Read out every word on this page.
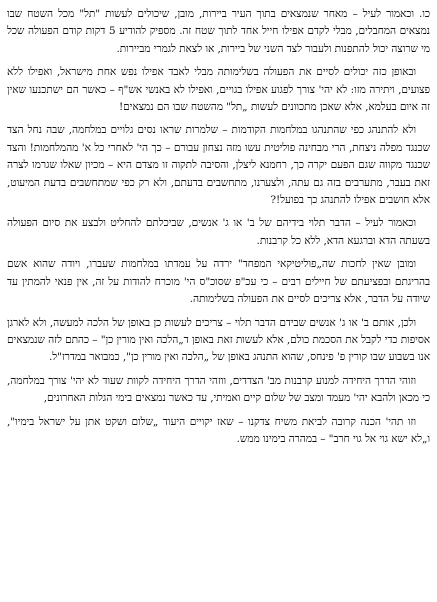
כו. וכאמור לעיל – מאחר שנמצאים בתוך העיר ביירות, מובן, שיכולים לעשות "תל" מכל השטח שבו נמצאים המחבלים, מבלי לקדם אפילו חייל אחד לתוך שטח זה. מספיק להודיע 5 דקות קודם הפעולה שכל מי שרוצה יכול להתפנות ולעבור לצד השני של ביירות, או לצאת לגמרי מביירות.

ובאופן כזה יכולים לסיים את הפעולה בשלימותה מבלי לאבד אפילו נפש אחת מישראל, ואפילו ללא פצועים, ויתירה מזו: לא יהי' צורך לפגוע אפילו בגויים, ואפילו לא באנשי אש"ף – כאשר הם ישתכנעו שאין זה איום בעלמא, אלא שאכן מתכוונים לעשות „תל" מהשטח שבו הם נמצאים!

ולא להתנהג כפי שהתנהגו במלחמות הקודמות – שלמרות שראו נסים גלויים במלחמה, שבה נחל הצד שכנגד מפלה ניצחת, הרי מבחינה פוליטית עשו מזה נצחון עבורם – כך הי' לאחרי כל א' מהמלחמות! והצד שכנגד מקווה שגם הפעם יקרה כך, רחמנא ליצלן, והסיבה לתקוה זו מצדם היא – מכיון שאלו שגרמו לצרה זאת בעבר, מתערבים בזה גם עתה, ולצערנו, מתחשבים בדעתם, ולא רק כפי שמתחשבים בדעת המיעוט, אלא חושבים אפילו להתנהג כך בפועל!?

וכאמור לעיל – הדבר תלוי בידיהם של ב' או ג' אנשים, שביכלתם להחליט ולבצע את סיום הפעולה בשעתה הדא וברגעא הדא, ללא כל קרבנות.

ומובן שאין לחכות שה„פוליטיקאי המפחד" ירדה על עמדתו במלחמות שעברו, ויודה שהוא אשם בהריגתם ובפציעתם של חיילים רבים – כי עכ"פ שסוכ"ס הי' מוכרח להודות על זה, אין פנאי להמתין עד שיודה על הדבר, אלא צריכים לסיים את הפעולה בשלימותה.

ולכן, אותם ב' או ג' אנשים שבידם הדבר תלוי – צריכים לעשות כן באופן של הלכה למעשה, ולא לארגן אסיפות כדי לקבל את הסכמת כולם, אלא לעשות זאת באופן ד„הלכה ואין מורין כן" – כהתם לזה שנמצאים אנו בשבוע שבו קורין פ' פינחס, שהוא התנהג באופן של „הלכה ואין מורין כן", כמבואר במדרז"ל.

וזוהי הדרך היחידה למנוע קרבנות מב' הצדדים, ווזהי הדרך היחידה לקוות שעוד לא יהי' צורך במלחמה, כי מכאן ולהבא יהי' מעמד ומצב של שלום קיים ואמיתי, עד כאשר נמצאים בימי הגלות האחרונים,

וזו תהי' הכנה קרובה לביאת משיח צדקנו – שאז יקויים היעוד „שלום ושקט אתן על ישראל בימיו", ו„לא ישא גוי אל גוי חרב" – במהרה בימינו ממש.
